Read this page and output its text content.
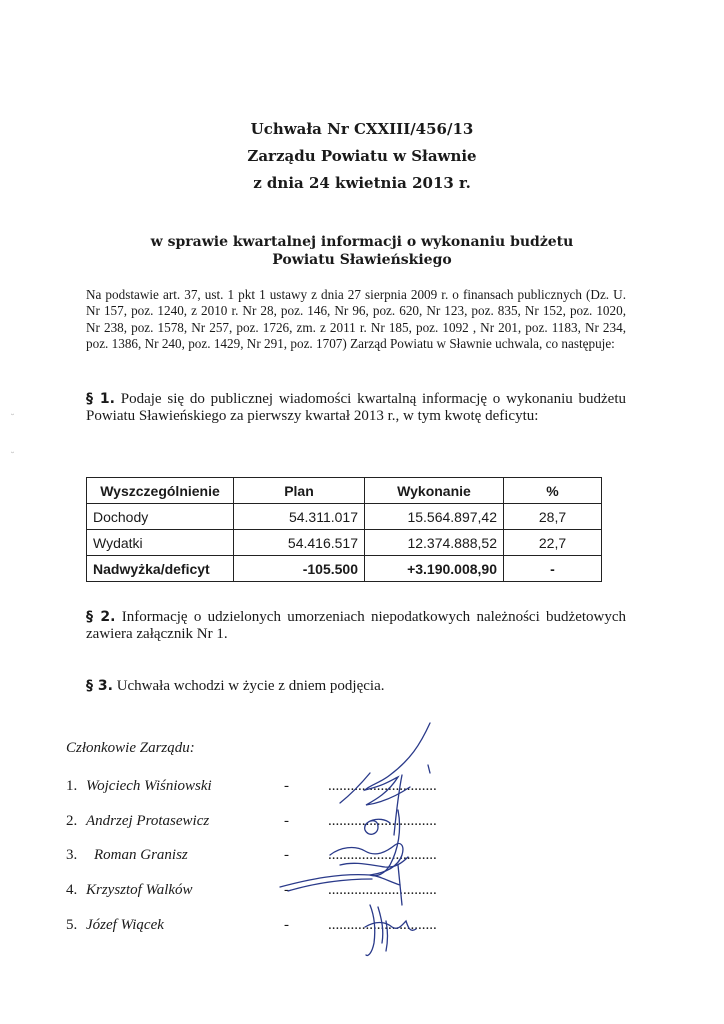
Uchwała Nr CXXIII/456/13
Zarządu Powiatu w Sławnie
z dnia 24 kwietnia 2013 r.
w sprawie kwartalnej informacji o wykonaniu budżetu
Powiatu Sławieńskiego
Na podstawie art. 37, ust. 1 pkt 1 ustawy z dnia 27 sierpnia 2009 r. o finansach publicznych (Dz. U. Nr 157, poz. 1240, z 2010 r. Nr 28, poz. 146, Nr 96, poz. 620, Nr 123, poz. 835, Nr 152, poz. 1020, Nr 238, poz. 1578, Nr 257, poz. 1726, zm. z 2011 r. Nr 185, poz. 1092 , Nr 201, poz. 1183, Nr 234, poz. 1386, Nr 240, poz. 1429, Nr 291, poz. 1707) Zarząd Powiatu w Sławnie uchwala, co następuje:
§ 1. Podaje się do publicznej wiadomości kwartalną informację o wykonaniu budżetu Powiatu Sławieńskiego za pierwszy kwartał 2013 r., w tym kwotę deficytu:
Wyszczególnienie	Plan	Wykonanie	%
Dochody	54.311.017	15.564.897,42	28,7
Wydatki	54.416.517	12.374.888,52	22,7
Nadwyżka/deficyt	-105.500	+3.190.008,90	-
§ 2. Informację o udzielonych umorzeniach niepodatkowych należności budżetowych zawiera załącznik Nr 1.
§ 3. Uchwała wchodzi w życie z dniem podjęcia.
Członkowie Zarządu:
1. Wojciech Wiśniowski	-	.............................
2. Andrzej Protasewicz	-	.............................
3. Roman Granisz	-	.............................
4. Krzysztof Walków	-	.............................
5. Józef Wiącek	-	.............................
˘
˘
